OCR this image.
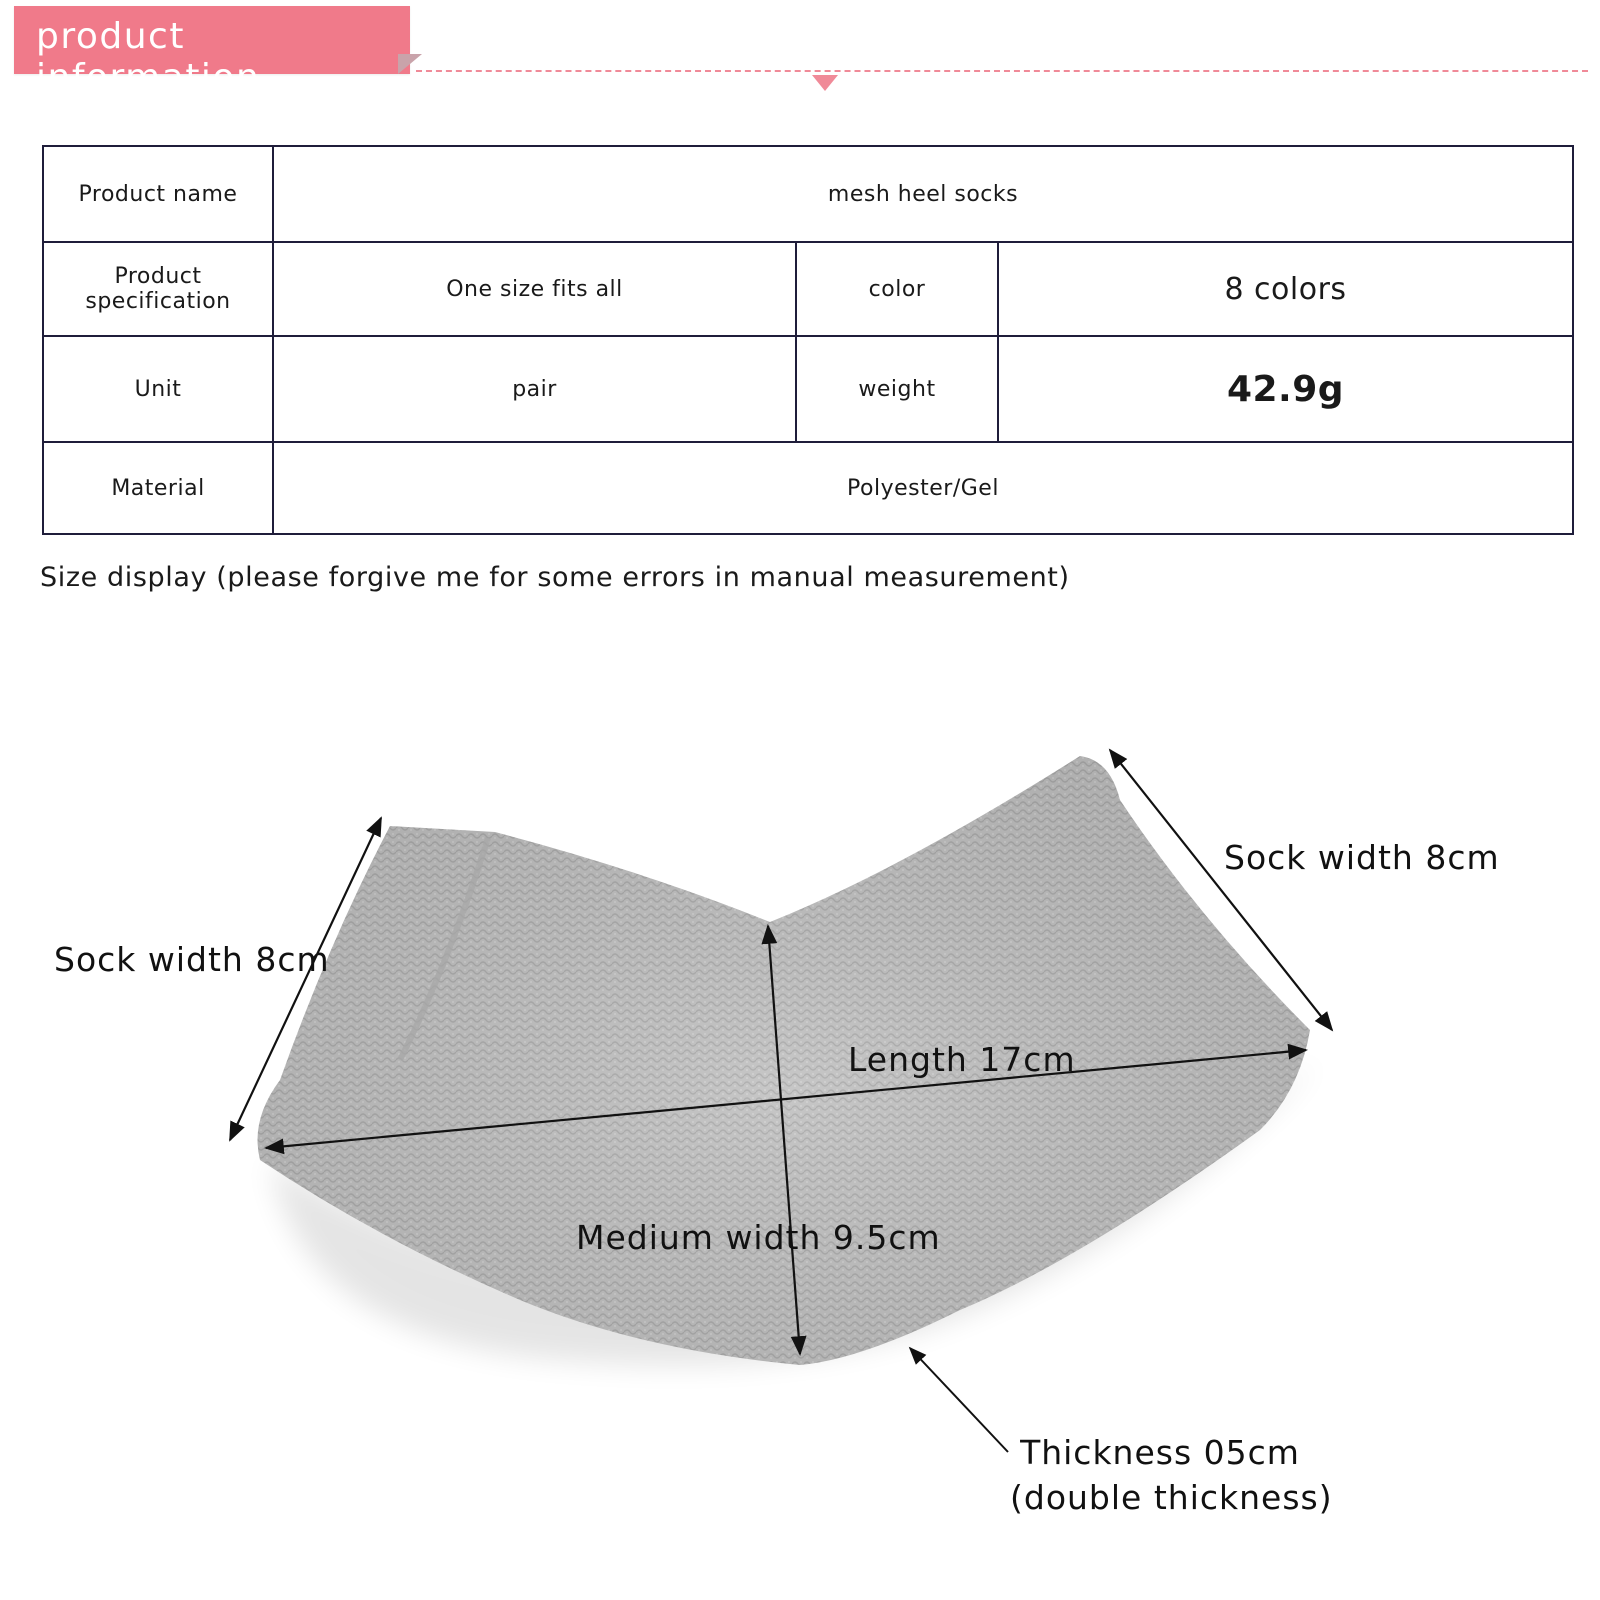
product information
Product name	mesh heel socks		
Product specification	One size fits all	color	8 colors
Unit	pair	weight	42.9g
Material	Polyester/Gel		
Size display (please forgive me for some errors in manual measurement)
Sock width 8cm
Sock width 8cm
Length 17cm
Medium width 9.5cm
Thickness 05cm
(double thickness)
